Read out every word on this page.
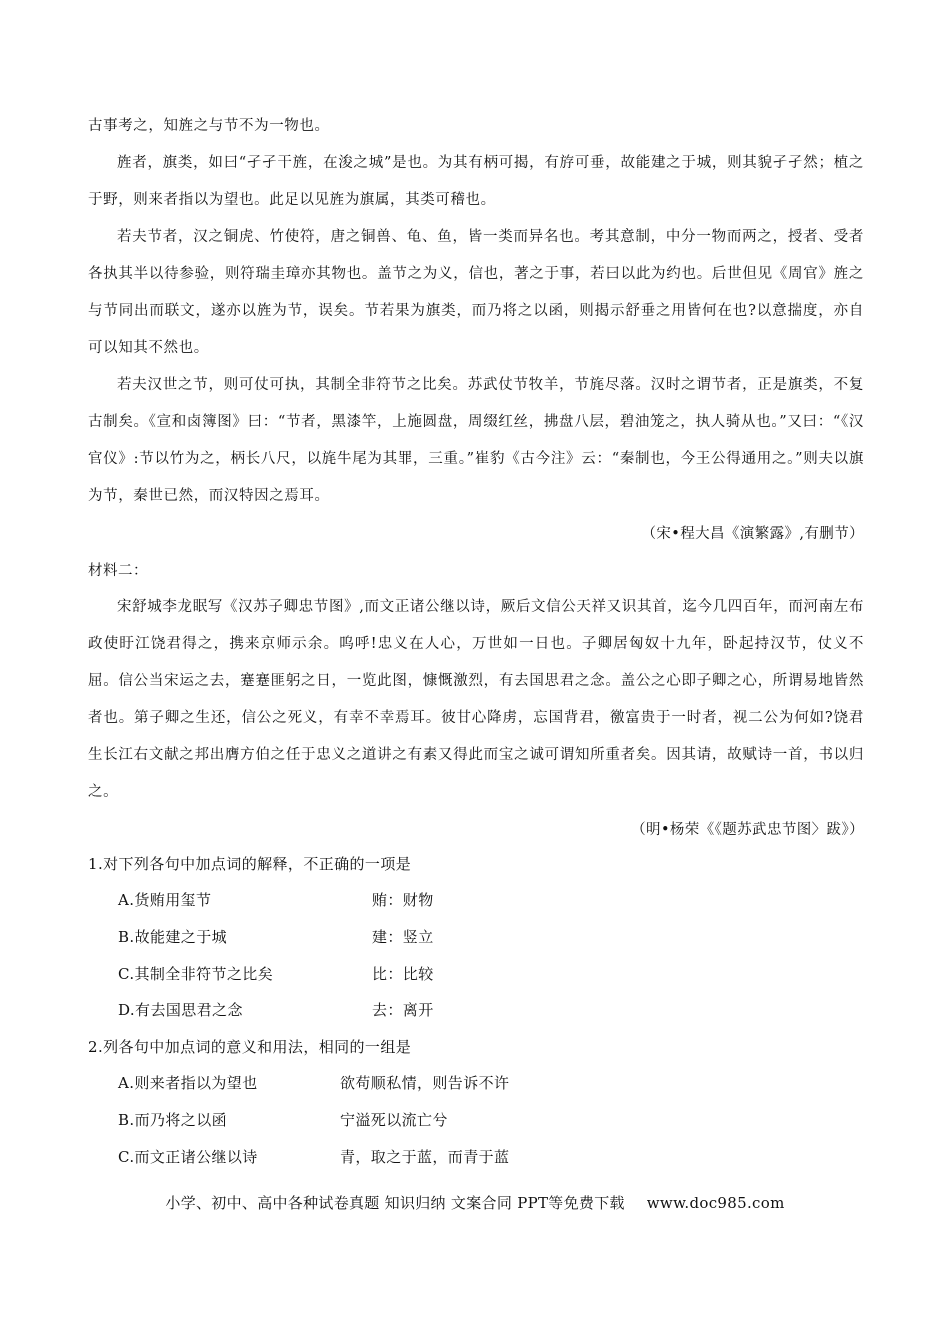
古事考之，知旌之与节不为一物也。
旌者，旗类，如曰“孑孑干旌，在浚之城”是也。为其有柄可揭，有斿可垂，故能建之于城，则其貌孑孑然；植之于野，则来者指以为望也。此足以见旌为旗属，其类可稽也。
若夫节者，汉之铜虎、竹使符，唐之铜兽、龟、鱼，皆一类而异名也。考其意制，中分一物而两之，授者、受者各执其半以待参验，则符瑞圭璋亦其物也。盖节之为义，信也，著之于事，若曰以此为约也。后世但见《周官》旌之与节同出而联文，遂亦以旌为节，误矣。节若果为旗类，而乃将之以函，则揭示舒垂之用皆何在也?以意揣度，亦自可以知其不然也。
若夫汉世之节，则可仗可执，其制全非符节之比矣。苏武仗节牧羊，节旄尽落。汉时之谓节者，正是旗类，不复古制矣。《宣和卤簿图》曰：“节者，黑漆竿，上施圆盘，周缀红丝，拂盘八层，碧油笼之，执人骑从也。”又曰：“《汉官仪》:节以竹为之，柄长八尺，以旄牛尾为其罪，三重。”崔豹《古今注》云：“秦制也，今王公得通用之。”则夫以旗为节，秦世已然，而汉特因之焉耳。
（宋•程大昌《演繁露》,有删节）
材料二：
宋舒城李龙眠写《汉苏子卿忠节图》,而文正诸公继以诗，厥后文信公天祥又识其首，迄今几四百年，而河南左布政使盱江饶君得之，携来京师示余。呜呼!忠义在人心，万世如一日也。子卿居匈奴十九年，卧起持汉节，仗义不屈。信公当宋运之去，蹇蹇匪躬之日，一览此图，慷慨激烈，有去国思君之念。盖公之心即子卿之心，所谓易地皆然者也。第子卿之生还，信公之死义，有幸不幸焉耳。彼甘心降虏，忘国背君，徼富贵于一时者，视二公为何如?饶君生长江右文献之邦出膺方伯之任于忠义之道讲之有素又得此而宝之诚可谓知所重者矣。因其请，故赋诗一首，书以归之。
（明•杨荣《《题苏武忠节图〉跋》）
1.对下列各句中加点词的解释，不正确的一项是
A.货贿用玺节	贿：财物
B.故能建之于城	建：竖立
C.其制全非符节之比矣	比：比较
D.有去国思君之念	去：离开
2.列各句中加点词的意义和用法，相同的一组是
A.则来者指以为望也	欲苟顺私情，则告诉不许
B.而乃将之以函	宁溢死以流亡兮
C.而文正诸公继以诗	青，取之于蓝，而青于蓝
小学、初中、高中各种试卷真题 知识归纳 文案合同 PPT等免费下载 www.doc985.com
